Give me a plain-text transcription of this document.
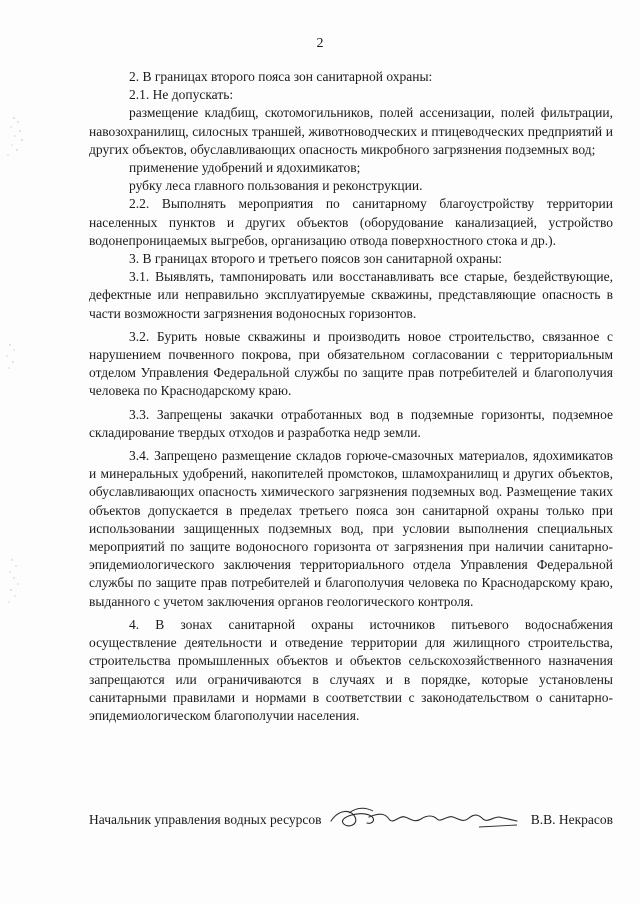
2

2. В границах второго пояса зон санитарной охраны:

2.1. Не допускать:

размещение кладбищ, скотомогильников, полей ассенизации, полей фильтрации, навозохранилищ, силосных траншей, животноводческих и птицеводческих предприятий и других объектов, обуславливающих опасность микробного загрязнения подземных вод;

применение удобрений и ядохимикатов;

рубку леса главного пользования и реконструкции.

2.2. Выполнять мероприятия по санитарному благоустройству территории населенных пунктов и других объектов (оборудование канализацией, устройство водонепроницаемых выгребов, организацию отвода поверхностного стока и др.).

3. В границах второго и третьего поясов зон санитарной охраны:

3.1. Выявлять, тампонировать или восстанавливать все старые, бездействующие, дефектные или неправильно эксплуатируемые скважины, представляющие опасность в части возможности загрязнения водоносных горизонтов.

3.2. Бурить новые скважины и производить новое строительство, связанное с нарушением почвенного покрова, при обязательном согласовании с территориальным отделом Управления Федеральной службы по защите прав потребителей и благополучия человека по Краснодарскому краю.

3.3. Запрещены закачки отработанных вод в подземные горизонты, подземное складирование твердых отходов и разработка недр земли.

3.4. Запрещено размещение складов горюче-смазочных материалов, ядохимикатов и минеральных удобрений, накопителей промстоков, шламохранилищ и других объектов, обуславливающих опасность химического загрязнения подземных вод. Размещение таких объектов допускается в пределах третьего пояса зон санитарной охраны только при использовании защищенных подземных вод, при условии выполнения специальных мероприятий по защите водоносного горизонта от загрязнения при наличии санитарно-эпидемиологического заключения территориального отдела Управления Федеральной службы по защите прав потребителей и благополучия человека по Краснодарскому краю, выданного с учетом заключения органов геологического контроля.

4. В зонах санитарной охраны источников питьевого водоснабжения осуществление деятельности и отведение территории для жилищного строительства, строительства промышленных объектов и объектов сельскохозяйственного назначения запрещаются или ограничиваются в случаях и в порядке, которые установлены санитарными правилами и нормами в соответствии с законодательством о санитарно-эпидемиологическом благополучии населения.

Начальник управления водных ресурсов	В.В. Некрасов
